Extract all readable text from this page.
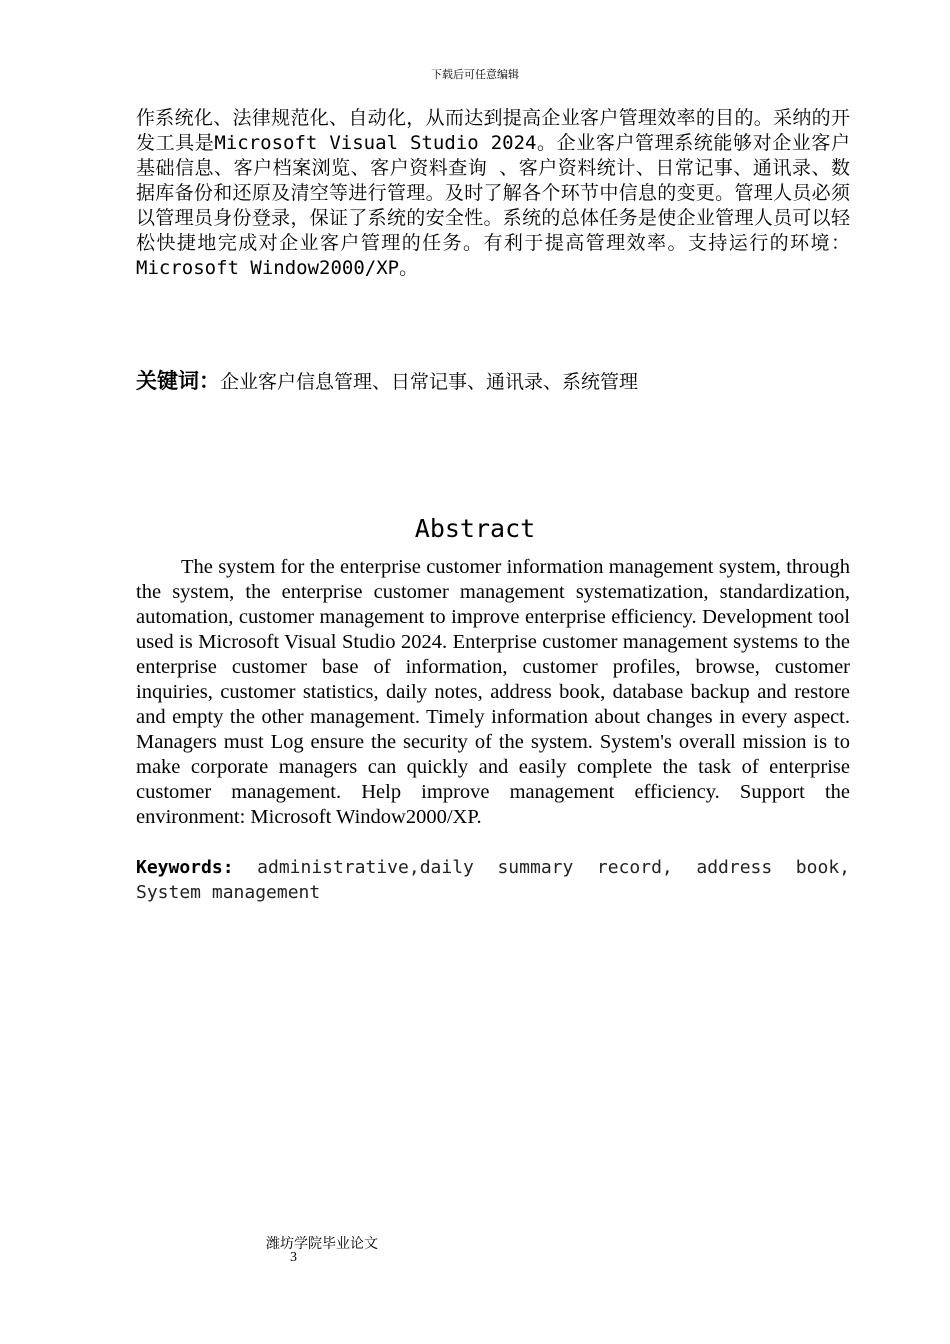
下载后可任意编辑

作系统化、法律规范化、自动化，从而达到提高企业客户管理效率的目的。采纳的开发工具是Microsoft Visual Studio 2024。企业客户管理系统能够对企业客户基础信息、客户档案浏览、客户资料查询 、客户资料统计、日常记事、通讯录、数据库备份和还原及清空等进行管理。及时了解各个环节中信息的变更。管理人员必须以管理员身份登录，保证了系统的安全性。系统的总体任务是使企业管理人员可以轻松快捷地完成对企业客户管理的任务。有利于提高管理效率。支持运行的环境：Microsoft Window2000/XP。

关键词：企业客户信息管理、日常记事、通讯录、系统管理

Abstract

The system for the enterprise customer information management system, through the system, the enterprise customer management systematization, standardization, automation, customer management to improve enterprise efficiency. Development tool used is Microsoft Visual Studio 2024. Enterprise customer management systems to the enterprise customer base of information, customer profiles, browse, customer inquiries, customer statistics, daily notes, address book, database backup and restore and empty the other management. Timely information about changes in every aspect. Managers must Log ensure the security of the system. System's overall mission is to make corporate managers can quickly and easily complete the task of enterprise customer management. Help improve management efficiency. Support the environment: Microsoft Window2000/XP.

Keywords: administrative,daily summary record, address book, System management

潍坊学院毕业论文
3
